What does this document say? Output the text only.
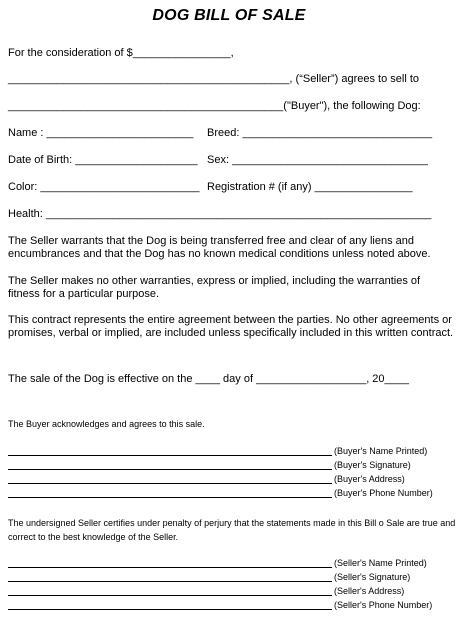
DOG BILL OF SALE
For the consideration of $________________,
______________________________________________, (“Seller”) agrees to sell to
_____________________________________________("Buyer"), the following Dog:
Name : ________________________ Breed: _______________________________
Date of Birth: ____________________ Sex: ________________________________
Color: __________________________ Registration # (if any) ________________
Health: _______________________________________________________________
The Seller warrants that the Dog is being transferred free and clear of any liens and encumbrances and that the Dog has no known medical conditions unless noted above.
The Seller makes no other warranties, express or implied, including the warranties of fitness for a particular purpose.
This contract represents the entire agreement between the parties. No other agreements or promises, verbal or implied, are included unless specifically included in this written contract.
The sale of the Dog is effective on the ____ day of __________________, 20____
The Buyer acknowledges and agrees to this sale.
(Buyer's Name Printed)
(Buyer's Signature)
(Buyer's Address)
(Buyer's Phone Number)
The undersigned Seller certifies under penalty of perjury that the statements made in this Bill o Sale are true and correct to the best knowledge of the Seller.
(Seller's Name Printed)
(Seller's Signature)
(Seller's Address)
(Seller's Phone Number)
